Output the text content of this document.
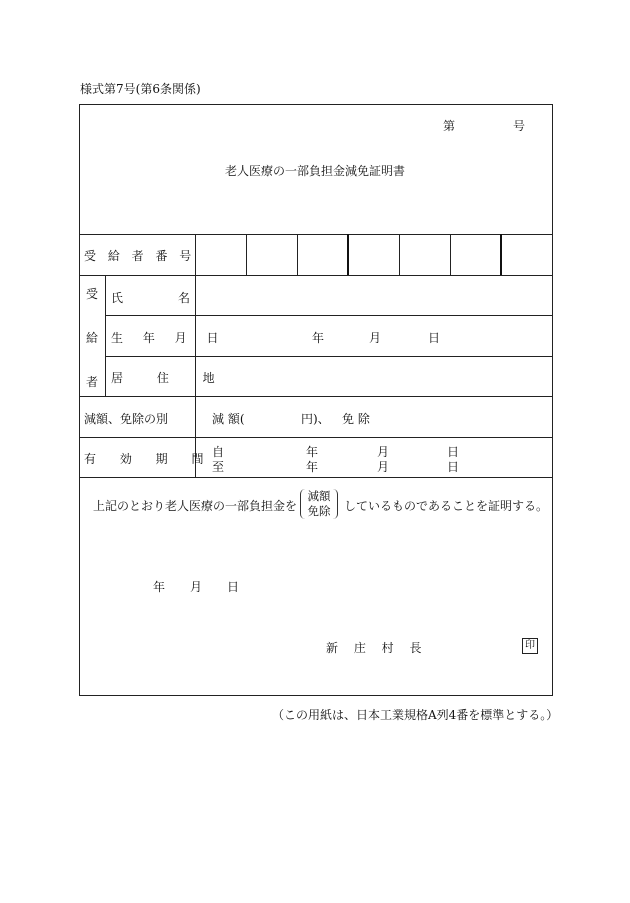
様式第7号(第6条関係)
第	号
老人医療の一部負担金減免証明書
受 給 者 番 号
受
給
者
氏	名
生 年 月 日	年	月	日
居 住 地
減額、免除の別	減 額(	円)、 免 除
有 効 期 間
自	年	月	日
至	年	月	日
上記のとおり老人医療の一部負担金を
減額
免除	しているものであることを証明する。
年 月 日
新 庄 村 長	印
（この用紙は、日本工業規格A列4番を標準とする。）
